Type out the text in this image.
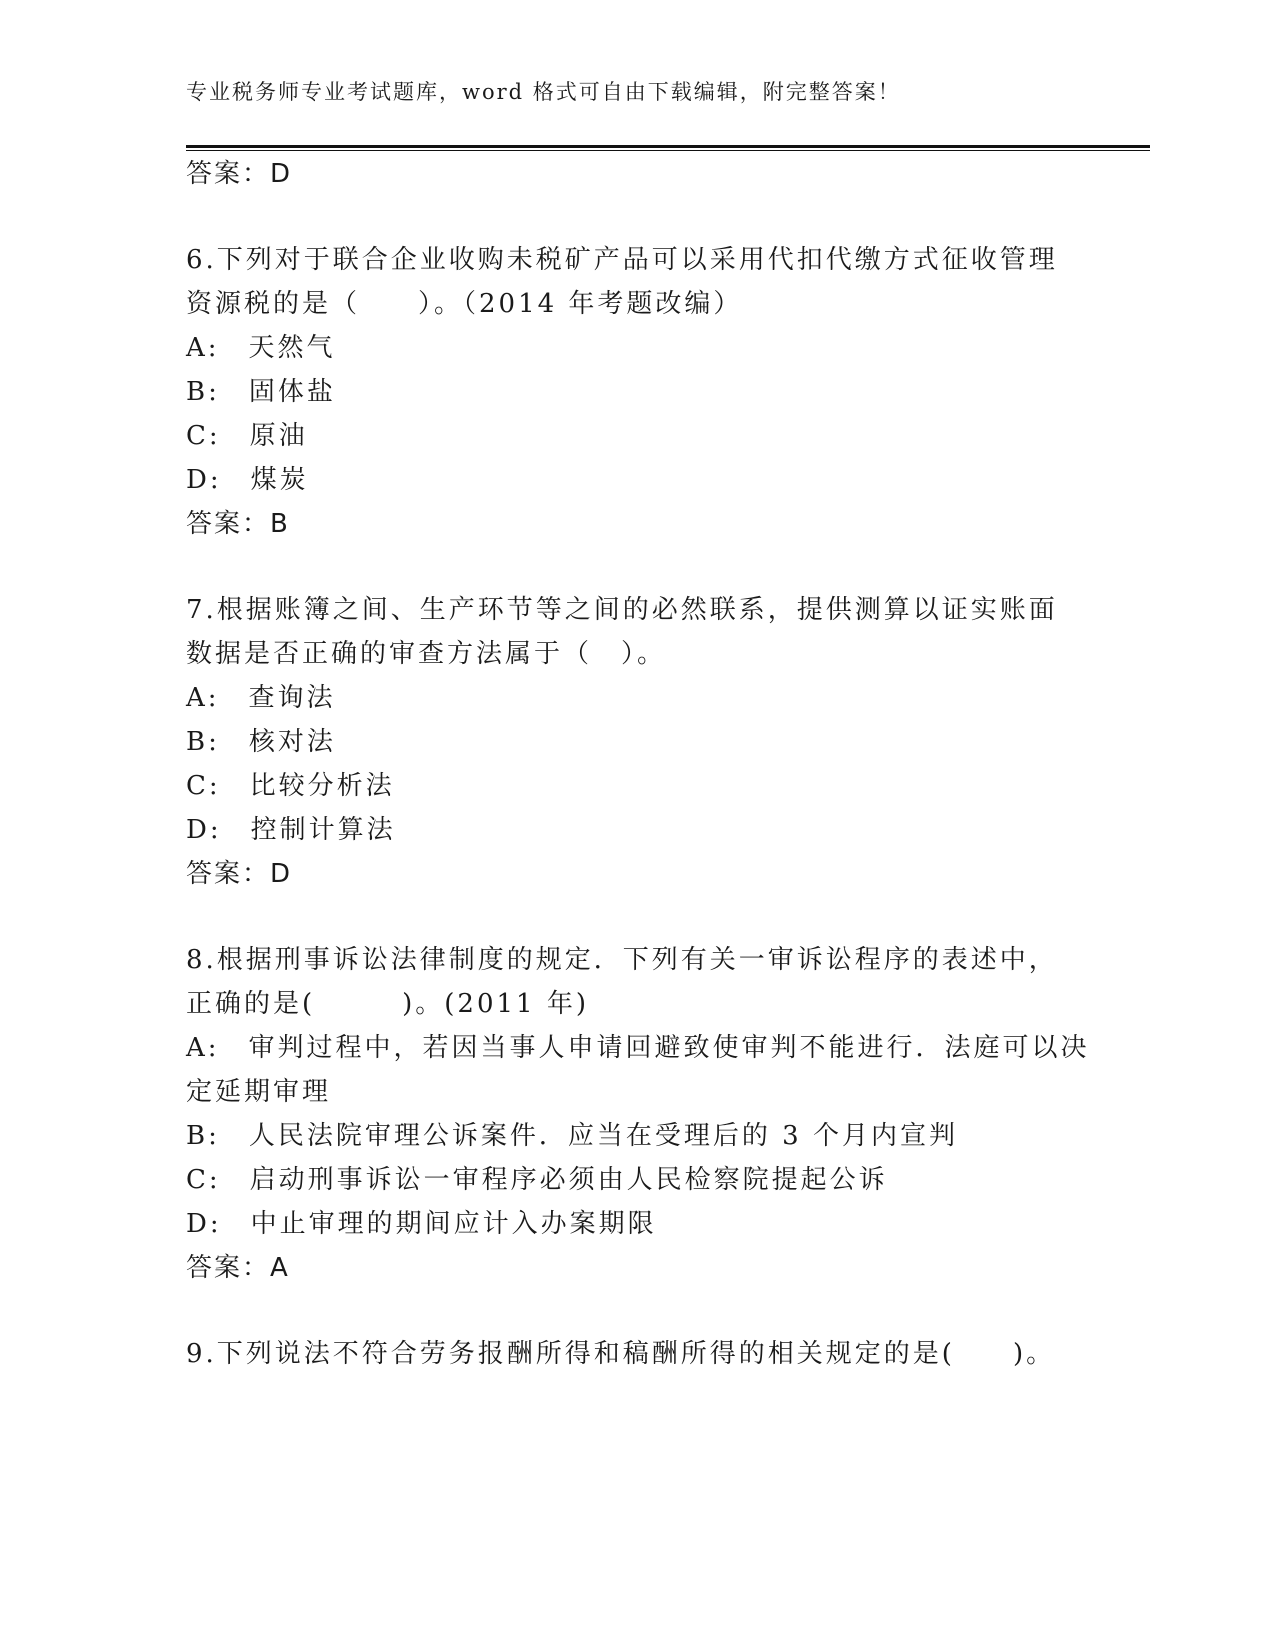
专业税务师专业考试题库，word 格式可自由下载编辑，附完整答案！
答案：D
6.下列对于联合企业收购未税矿产品可以采用代扣代缴方式征收管理
资源税的是（　　）。（2014 年考题改编）
A:　天然气
B:　固体盐
C:　原油
D:　煤炭
答案：B
7.根据账簿之间、生产环节等之间的必然联系，提供测算以证实账面
数据是否正确的审查方法属于（　）。
A:　查询法
B:　核对法
C:　比较分析法
D:　控制计算法
答案：D
8.根据刑事诉讼法律制度的规定．下列有关一审诉讼程序的表述中，
正确的是(　　　)。(2011 年)
A:　审判过程中，若因当事人申请回避致使审判不能进行．法庭可以决
定延期审理
B:　人民法院审理公诉案件．应当在受理后的 3 个月内宣判
C:　启动刑事诉讼一审程序必须由人民检察院提起公诉
D:　中止审理的期间应计入办案期限
答案：A
9.下列说法不符合劳务报酬所得和稿酬所得的相关规定的是(　　)。
